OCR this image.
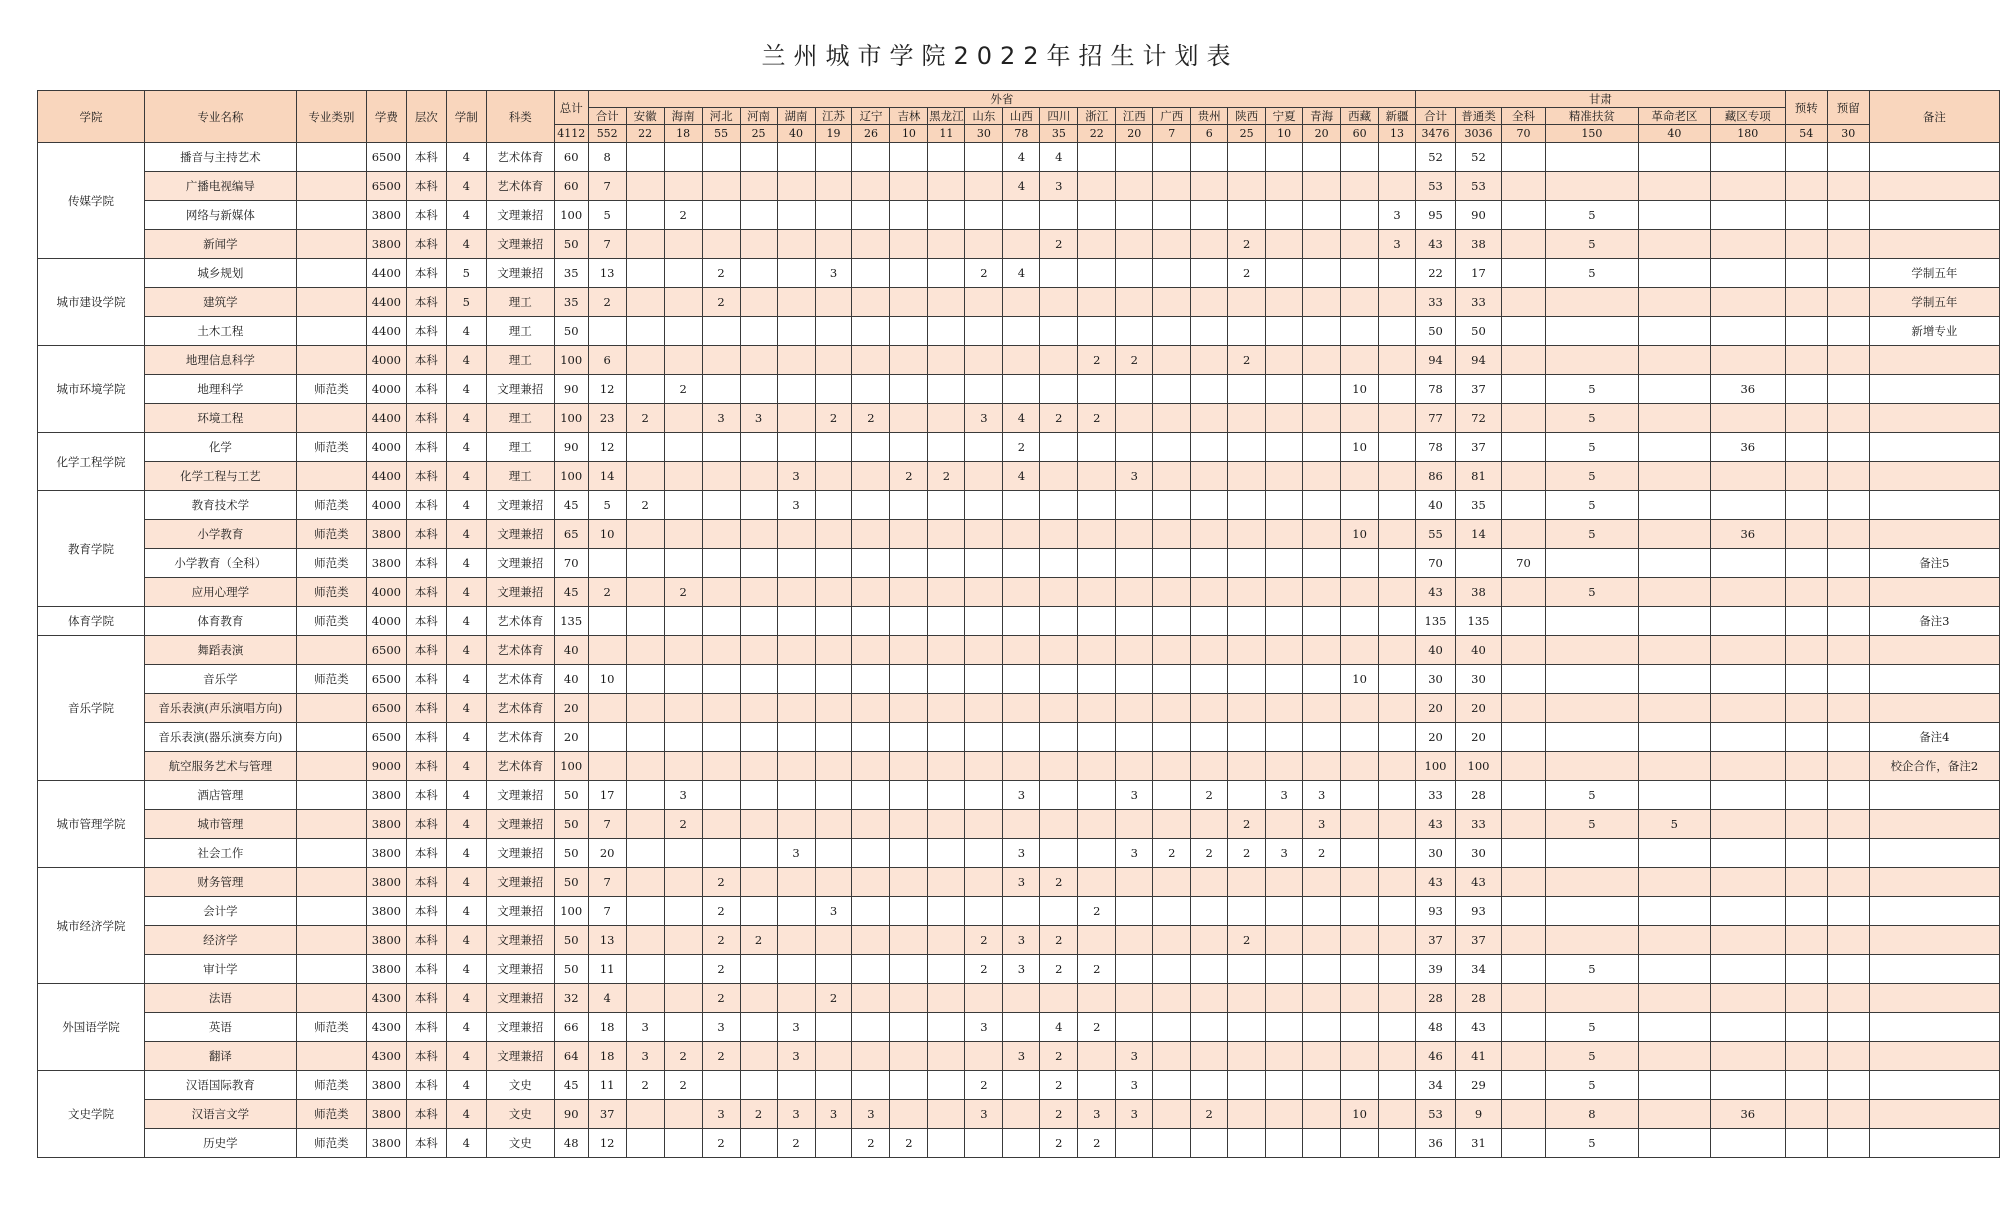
兰州城市学院2022年招生计划表
学院	专业名称	专业类别	学费	层次	学制	科类	总计	外省																						甘肃						预转	预留	备注
								合计	安徽	海南	河北	河南	湖南	江苏	辽宁	吉林	黑龙江	山东	山西	四川	浙江	江西	广西	贵州	陕西	宁夏	青海	西藏	新疆	合计	普通类	全科	精准扶贫	革命老区	藏区专项			
							4112	552	22	18	55	25	40	19	26	10	11	30	78	35	22	20	7	6	25	10	20	60	13	3476	3036	70	150	40	180	54	30	
传媒学院	播音与主持艺术		6500	本科	4	艺术体育	60	8											4	4										52	52							
	广播电视编导		6500	本科	4	艺术体育	60	7											4	3										53	53							
	网络与新媒体		3800	本科	4	文理兼招	100	5		2																			3	95	90		5					
	新闻学		3800	本科	4	文理兼招	50	7												2					2				3	43	38		5					
城市建设学院	城乡规划		4400	本科	5	文理兼招	35	13			2			3				2	4						2					22	17		5					学制五年
	建筑学		4400	本科	5	理工	35	2			2																			33	33							学制五年
	土木工程		4400	本科	4	理工	50																							50	50							新增专业
城市环境学院	地理信息科学		4000	本科	4	理工	100	6													2	2			2					94	94							
	地理科学	师范类	4000	本科	4	文理兼招	90	12		2																		10		78	37		5		36			
	环境工程		4400	本科	4	理工	100	23	2		3	3		2	2			3	4	2	2									77	72		5					
化学工程学院	化学	师范类	4000	本科	4	理工	90	12											2									10		78	37		5		36			
	化学工程与工艺		4400	本科	4	理工	100	14					3			2	2		4			3								86	81		5					
教育学院	教育技术学	师范类	4000	本科	4	文理兼招	45	5	2				3																	40	35		5					
	小学教育	师范类	3800	本科	4	文理兼招	65	10																				10		55	14		5		36			
	小学教育（全科）	师范类	3800	本科	4	文理兼招	70																							70		70						备注5
	应用心理学	师范类	4000	本科	4	文理兼招	45	2		2																				43	38		5					
体育学院	体育教育	师范类	4000	本科	4	艺术体育	135																							135	135							备注3
音乐学院	舞蹈表演		6500	本科	4	艺术体育	40																							40	40							
	音乐学	师范类	6500	本科	4	艺术体育	40	10																				10		30	30							
	音乐表演(声乐演唱方向)		6500	本科	4	艺术体育	20																							20	20							
	音乐表演(器乐演奏方向)		6500	本科	4	艺术体育	20																							20	20							备注4
	航空服务艺术与管理		9000	本科	4	艺术体育	100																							100	100							校企合作，备注2
城市管理学院	酒店管理		3800	本科	4	文理兼招	50	17		3									3			3		2		3	3			33	28		5					
	城市管理		3800	本科	4	文理兼招	50	7		2															2		3			43	33		5	5				
	社会工作		3800	本科	4	文理兼招	50	20					3						3			3	2	2	2	3	2			30	30							
城市经济学院	财务管理		3800	本科	4	文理兼招	50	7			2								3	2										43	43							
	会计学		3800	本科	4	文理兼招	100	7			2			3							2									93	93							
	经济学		3800	本科	4	文理兼招	50	13			2	2						2	3	2					2					37	37							
	审计学		3800	本科	4	文理兼招	50	11			2							2	3	2	2									39	34		5					
外国语学院	法语		4300	本科	4	文理兼招	32	4			2			2																28	28							
	英语	师范类	4300	本科	4	文理兼招	66	18	3		3		3					3		4	2									48	43		5					
	翻译		4300	本科	4	文理兼招	64	18	3	2	2		3						3	2		3								46	41		5					
文史学院	汉语国际教育	师范类	3800	本科	4	文史	45	11	2	2								2		2		3								34	29		5					
	汉语言文学	师范类	3800	本科	4	文史	90	37			3	2	3	3	3			3		2	3	3		2				10		53	9		8		36			
	历史学	师范类	3800	本科	4	文史	48	12			2		2		2	2				2	2									36	31		5					
